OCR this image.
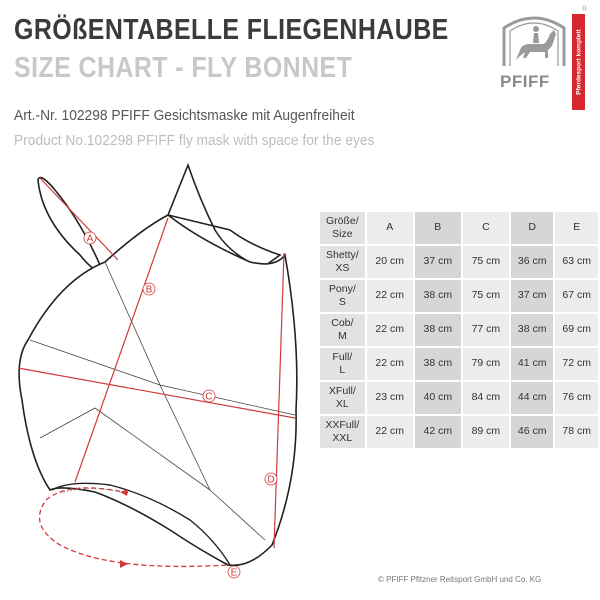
GRÖßENTABELLE FLIEGENHAUBE
SIZE CHART - FLY BONNET
Art.-Nr. 102298 PFIFF Gesichtsmaske mit Augenfreiheit
Product No.102298 PFIFF fly mask with space for the eyes
PFIFF	Pferdesport komplett
®
A
B
C
D
E
Größe/
Size	A	B	C	D	E
Shetty/
XS	20 cm	37 cm	75 cm	36 cm	63 cm
Pony/
S	22 cm	38 cm	75 cm	37 cm	67 cm
Cob/
M	22 cm	38 cm	77 cm	38 cm	69 cm
Full/
L	22 cm	38 cm	79 cm	41 cm	72 cm
XFull/
XL	23 cm	40 cm	84 cm	44 cm	76 cm
XXFull/
XXL	22 cm	42 cm	89 cm	46 cm	78 cm
© PFIFF Pfitzner Reitsport GmbH und Co. KG
